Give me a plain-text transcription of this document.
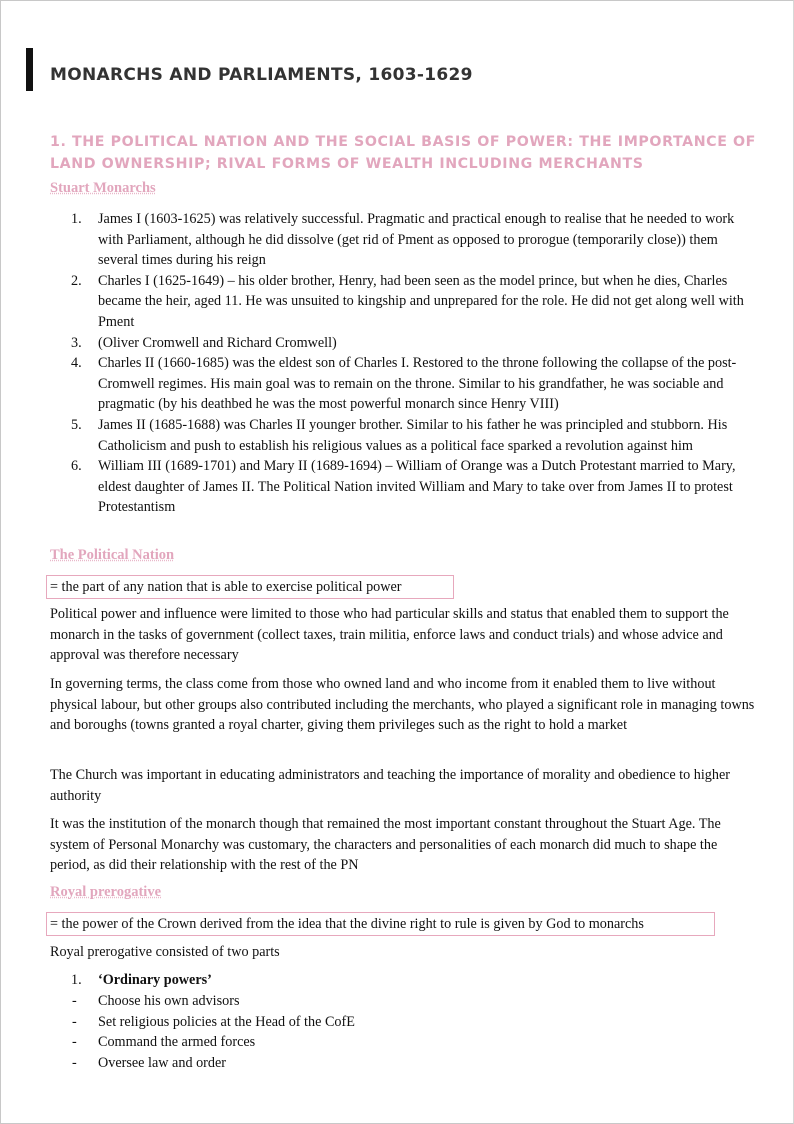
MONARCHS AND PARLIAMENTS, 1603-1629
1. THE POLITICAL NATION AND THE SOCIAL BASIS OF POWER: THE IMPORTANCE OF LAND OWNERSHIP; RIVAL FORMS OF WEALTH INCLUDING MERCHANTS
Stuart Monarchs
1. James I (1603-1625) was relatively successful. Pragmatic and practical enough to realise that he needed to work with Parliament, although he did dissolve (get rid of Pment as opposed to prorogue (temporarily close)) them several times during his reign
2. Charles I (1625-1649) – his older brother, Henry, had been seen as the model prince, but when he dies, Charles became the heir, aged 11. He was unsuited to kingship and unprepared for the role. He did not get along well with Pment
3. (Oliver Cromwell and Richard Cromwell)
4. Charles II (1660-1685) was the eldest son of Charles I. Restored to the throne following the collapse of the post-Cromwell regimes. His main goal was to remain on the throne. Similar to his grandfather, he was sociable and pragmatic (by his deathbed he was the most powerful monarch since Henry VIII)
5. James II (1685-1688) was Charles II younger brother. Similar to his father he was principled and stubborn. His Catholicism and push to establish his religious values as a political face sparked a revolution against him
6. William III (1689-1701) and Mary II (1689-1694) – William of Orange was a Dutch Protestant married to Mary, eldest daughter of James II. The Political Nation invited William and Mary to take over from James II to protest Protestantism
The Political Nation
= the part of any nation that is able to exercise political power

Political power and influence were limited to those who had particular skills and status that enabled them to support the monarch in the tasks of government (collect taxes, train militia, enforce laws and conduct trials) and whose advice and approval was therefore necessary

In governing terms, the class come from those who owned land and who income from it enabled them to live without physical labour, but other groups also contributed including the merchants, who played a significant role in managing towns and boroughs (towns granted a royal charter, giving them privileges such as the right to hold a market

The Church was important in educating administrators and teaching the importance of morality and obedience to higher authority

It was the institution of the monarch though that remained the most important constant throughout the Stuart Age. The system of Personal Monarchy was customary, the characters and personalities of each monarch did much to shape the period, as did their relationship with the rest of the PN

Royal prerogative
= the power of the Crown derived from the idea that the divine right to rule is given by God to monarchs

Royal prerogative consisted of two parts

1. ‘Ordinary powers’
- Choose his own advisors
- Set religious policies at the Head of the CofE
- Command the armed forces
- Oversee law and order
